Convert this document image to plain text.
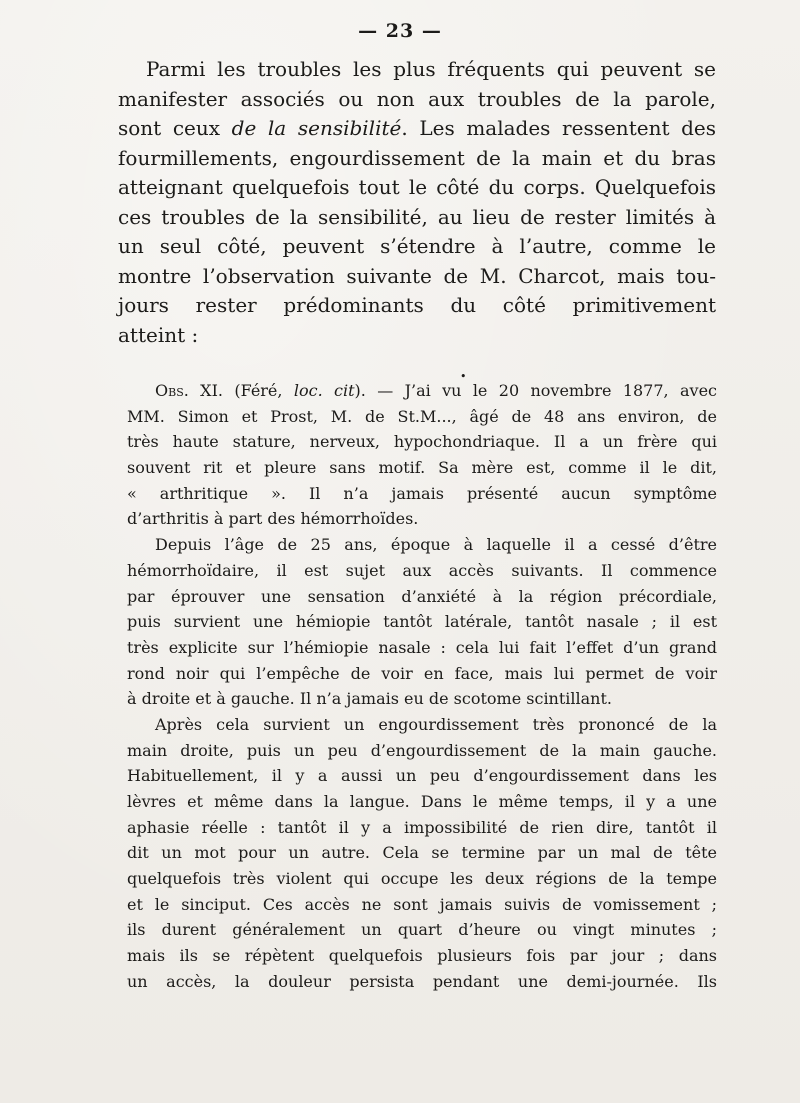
— 23 —
•
Parmi les troubles les plus fréquents qui peuvent se
manifester associés ou non aux troubles de la parole,
sont ceux de la sensibilité. Les malades ressentent des
fourmillements, engourdissement de la main et du bras
atteignant quelquefois tout le côté du corps. Quelquefois
ces troubles de la sensibilité, au lieu de rester limités à
un seul côté, peuvent s’étendre à l’autre, comme le
montre l’observation suivante de M. Charcot, mais tou-
jours rester prédominants du côté primitivement
atteint :
Obs. XI. (Féré, loc. cit). — J’ai vu le 20 novembre 1877, avec
MM. Simon et Prost, M. de St.M..., âgé de 48 ans environ, de
très haute stature, nerveux, hypochondriaque. Il a un frère qui
souvent rit et pleure sans motif. Sa mère est, comme il le dit,
« arthritique ». Il n’a jamais présenté aucun symptôme
d’arthritis à part des hémorrhoïdes.
Depuis l’âge de 25 ans, époque à laquelle il a cessé d’être
hémorrhoïdaire, il est sujet aux accès suivants. Il commence
par éprouver une sensation d’anxiété à la région précordiale,
puis survient une hémiopie tantôt latérale, tantôt nasale ; il est
très explicite sur l’hémiopie nasale : cela lui fait l’effet d’un grand
rond noir qui l’empêche de voir en face, mais lui permet de voir
à droite et à gauche. Il n’a jamais eu de scotome scintillant.
Après cela survient un engourdissement très prononcé de la
main droite, puis un peu d’engourdissement de la main gauche.
Habituellement, il y a aussi un peu d’engourdissement dans les
lèvres et même dans la langue. Dans le même temps, il y a une
aphasie réelle : tantôt il y a impossibilité de rien dire, tantôt il
dit un mot pour un autre. Cela se termine par un mal de tête
quelquefois très violent qui occupe les deux régions de la tempe
et le sinciput. Ces accès ne sont jamais suivis de vomissement ;
ils durent généralement un quart d’heure ou vingt minutes ;
mais ils se répètent quelquefois plusieurs fois par jour ; dans
un accès, la douleur persista pendant une demi-journée. Ils
